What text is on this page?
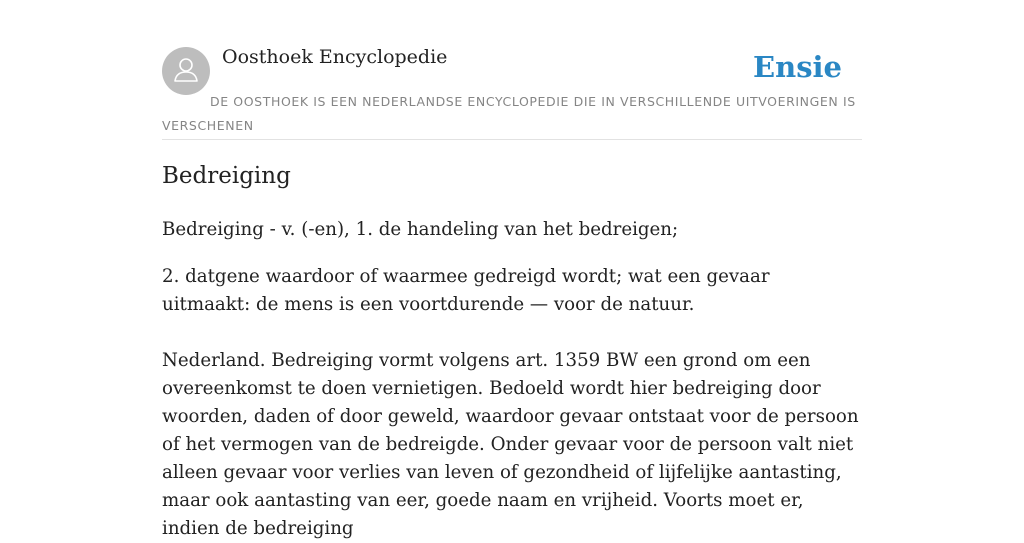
Oosthoek Encyclopedie	Ensie
DE OOSTHOEK IS EEN NEDERLANDSE ENCYCLOPEDIE DIE IN VERSCHILLENDE UITVOERINGEN IS VERSCHENEN
Bedreiging

Bedreiging - v. (-en), 1. de handeling van het bedreigen;

2. datgene waardoor of waarmee gedreigd wordt; wat een gevaar uitmaakt: de mens is een voortdurende — voor de natuur.

Nederland. Bedreiging vormt volgens art. 1359 BW een grond om een overeenkomst te doen vernietigen. Bedoeld wordt hier bedreiging door woorden, daden of door geweld, waardoor gevaar ontstaat voor de persoon of het vermogen van de bedreigde. Onder gevaar voor de persoon valt niet alleen gevaar voor verlies van leven of gezondheid of lijfelijke aantasting, maar ook aantasting van eer, goede naam en vrijheid. Voorts moet er, indien de bedreiging
